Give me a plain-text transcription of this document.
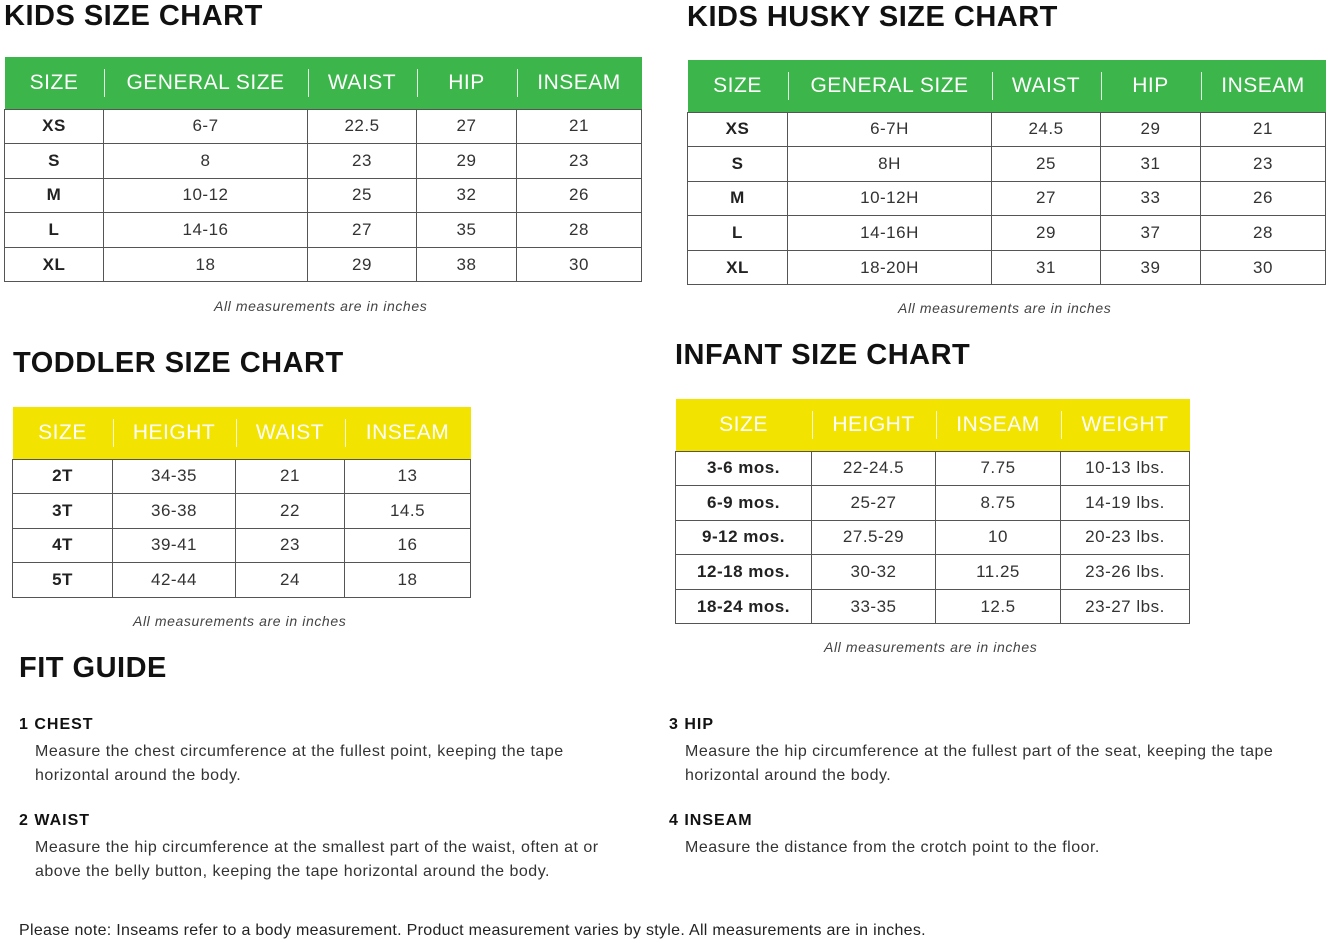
KIDS SIZE CHART
SIZE	GENERAL SIZE	WAIST	HIP	INSEAM
XS	6-7	22.5	27	21
S	8	23	29	23
M	10-12	25	32	26
L	14-16	27	35	28
XL	18	29	38	30

All measurements are in inches

KIDS HUSKY SIZE CHART
SIZE	GENERAL SIZE	WAIST	HIP	INSEAM
XS	6-7H	24.5	29	21
S	8H	25	31	23
M	10-12H	27	33	26
L	14-16H	29	37	28
XL	18-20H	31	39	30

All measurements are in inches

TODDLER SIZE CHART
SIZE	HEIGHT	WAIST	INSEAM
2T	34-35	21	13
3T	36-38	22	14.5
4T	39-41	23	16
5T	42-44	24	18

All measurements are in inches

INFANT SIZE CHART
SIZE	HEIGHT	INSEAM	WEIGHT
3-6 mos.	22-24.5	7.75	10-13 lbs.
6-9 mos.	25-27	8.75	14-19 lbs.
9-12 mos.	27.5-29	10	20-23 lbs.
12-18 mos.	30-32	11.25	23-26 lbs.
18-24 mos.	33-35	12.5	23-27 lbs.

All measurements are in inches

FIT GUIDE

1 CHEST

Measure the chest circumference at the fullest point, keeping the tape horizontal around the body.

2 WAIST

Measure the hip circumference at the smallest part of the waist, often at or above the belly button, keeping the tape horizontal around the body.

3 HIP

Measure the hip circumference at the fullest part of the seat, keeping the tape horizontal around the body.

4 INSEAM

Measure the distance from the crotch point to the floor.

Please note: Inseams refer to a body measurement. Product measurement varies by style. All measurements are in inches.
